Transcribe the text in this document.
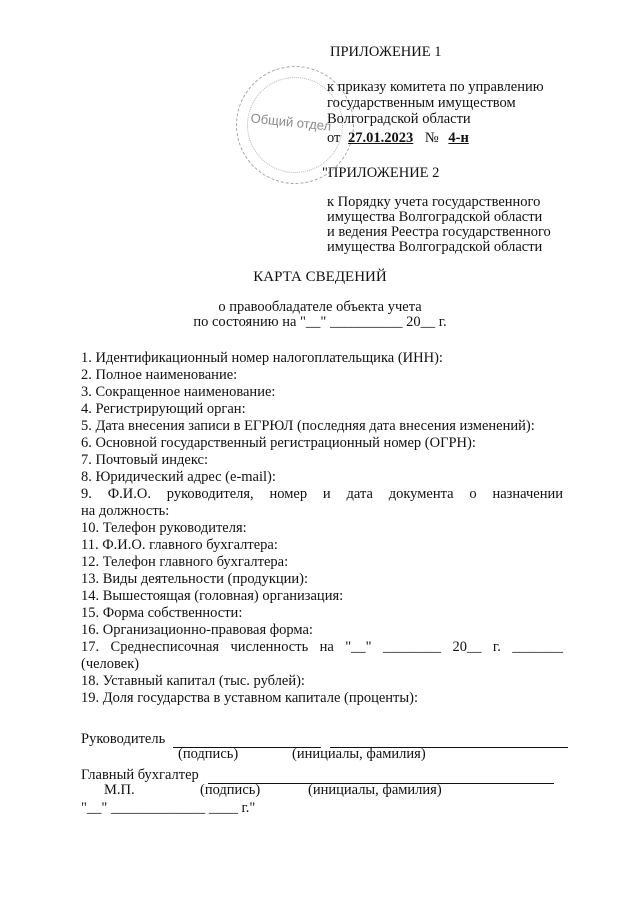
Общий отдел
ПРИЛОЖЕНИЕ 1
к приказу комитета по управлению
государственным имуществом
Волгоградской области
от 27.01.2023 № 4-н
"ПРИЛОЖЕНИЕ 2
к Порядку учета государственного
имущества Волгоградской области
и ведения Реестра государственного
имущества Волгоградской области
КАРТА СВЕДЕНИЙ
о правообладателе объекта учета
по состоянию на "__" __________ 20__ г.
1. Идентификационный номер налогоплательщика (ИНН):
2. Полное наименование:
3. Сокращенное наименование:
4. Регистрирующий орган:
5. Дата внесения записи в ЕГРЮЛ (последняя дата внесения изменений):
6. Основной государственный регистрационный номер (ОГРН):
7. Почтовый индекс:
8. Юридический адрес (e-mail):
9. Ф.И.О. руководителя, номер и дата документа о назначении
на должность:
10. Телефон руководителя:
11. Ф.И.О. главного бухгалтера:
12. Телефон главного бухгалтера:
13. Виды деятельности (продукции):
14. Вышестоящая (головная) организация:
15. Форма собственности:
16. Организационно-правовая форма:
17. Среднесписочная численность на "__" ________ 20__ г. _______
(человек)
18. Уставный капитал (тыс. рублей):
19. Доля государства в уставном капитале (проценты):
Руководитель
(подпись)	(инициалы, фамилия)
Главный бухгалтер
М.П.	(подпись)	(инициалы, фамилия)
"__" _____________ ____ г."
